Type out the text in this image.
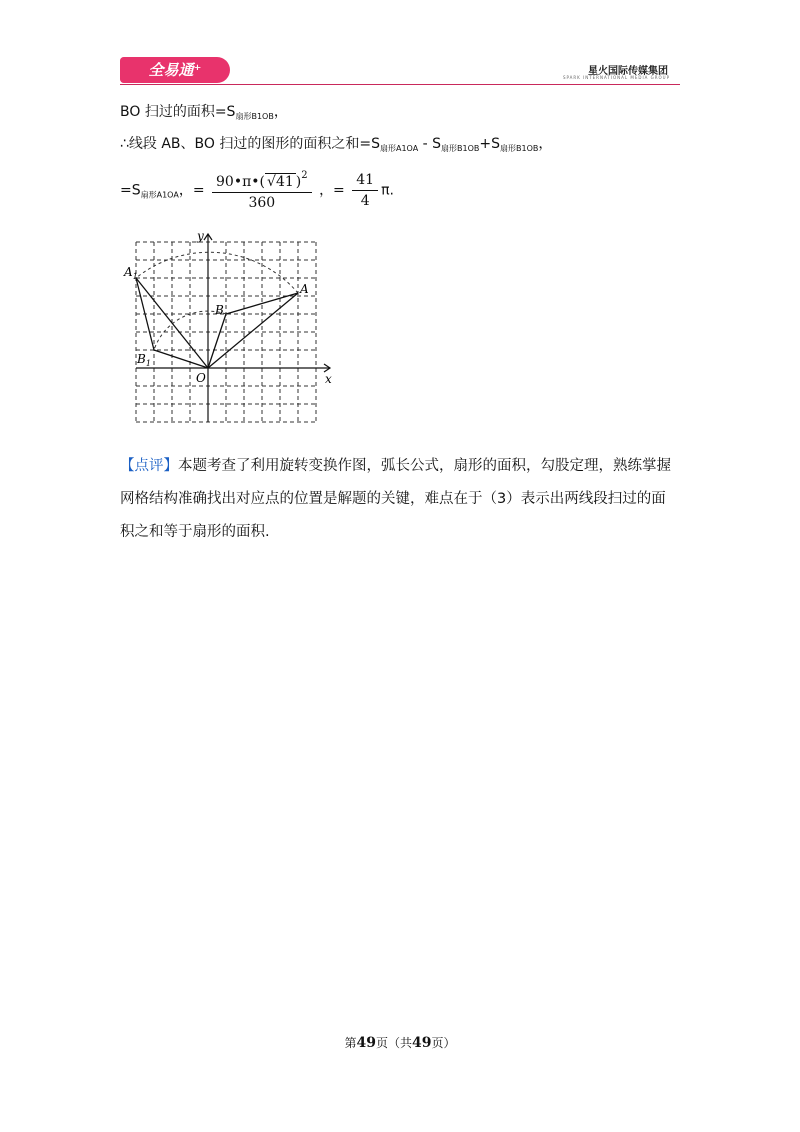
全易通⁺	星火国际传媒集团
SPARK INTERNATIONAL MEDIA GROUP
BO 扫过的面积$=S_{扇形B1OB}$，
∴线段 AB、BO 扫过的图形的面积之和$=S_{扇形A1OA} - S_{扇形B1OB}+S_{扇形B1OB}$，
$=S_{扇形A1OA}$，= $\frac{90•\pi•( √41 )^2}{360}$ ，= $\frac{41}{4} \pi$.
y
x
$A_1$
A
B
$B_1$
O
【点评】本题考查了利用旋转变换作图，弧长公式，扇形的面积，勾股定理，熟练掌握网格结构准确找出对应点的位置是解题的关键，难点在于（3）表示出两线段扫过的面积之和等于扇形的面积.
第49页（共49页）
